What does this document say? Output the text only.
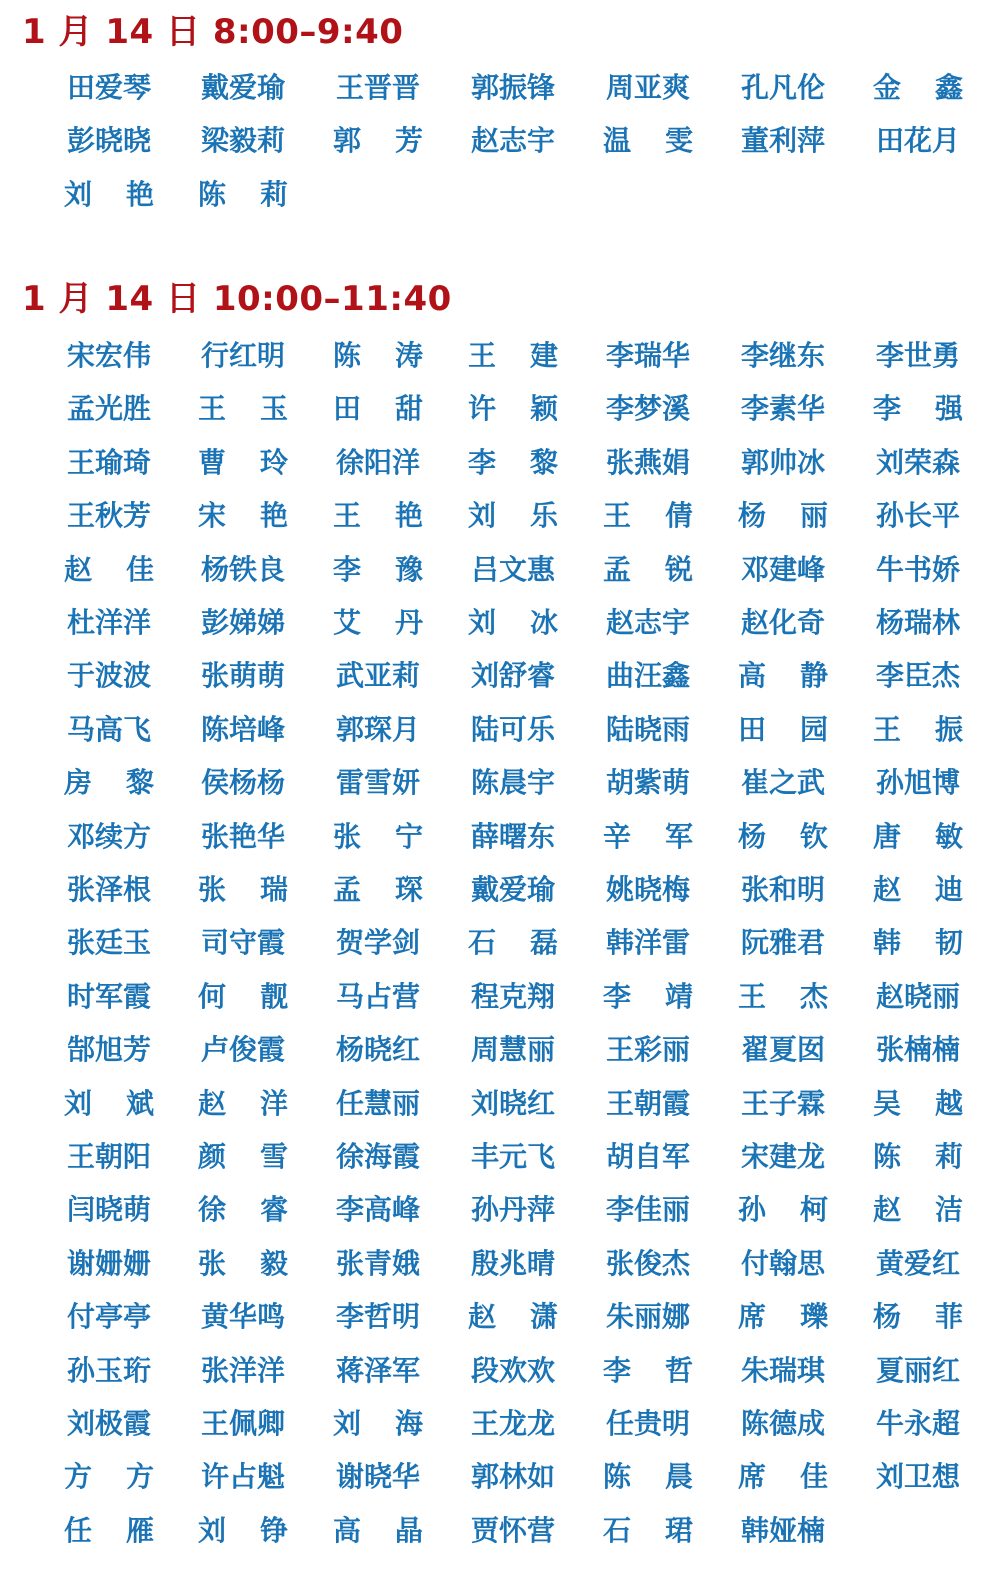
1 月 14 日 8:00–9:40
1 月 14 日 10:00–11:40
田爱琴 戴爱瑜 王晋晋 郭振锋 周亚爽 孔凡伦 金 鑫
彭晓晓 梁毅莉 郭 芳 赵志宇 温 雯 董利萍 田花月
刘 艳 陈 莉
宋宏伟 行红明 陈 涛 王 建 李瑞华 李继东 李世勇
孟光胜 王 玉 田 甜 许 颖 李梦溪 李素华 李 强
王瑜琦 曹 玲 徐阳洋 李 黎 张燕娟 郭帅冰 刘荣森
王秋芳 宋 艳 王 艳 刘 乐 王 倩 杨 丽 孙长平
赵 佳 杨铁良 李 豫 吕文惠 孟 锐 邓建峰 牛书娇
杜洋洋 彭娣娣 艾 丹 刘 冰 赵志宇 赵化奇 杨瑞林
于波波 张萌萌 武亚莉 刘舒睿 曲汪鑫 高 静 李臣杰
马高飞 陈培峰 郭琛月 陆可乐 陆晓雨 田 园 王 振
房 黎 侯杨杨 雷雪妍 陈晨宇 胡紫萌 崔之武 孙旭博
邓续方 张艳华 张 宁 薛曙东 辛 军 杨 钦 唐 敏
张泽根 张 瑞 孟 琛 戴爱瑜 姚晓梅 张和明 赵 迪
张廷玉 司守霞 贺学剑 石 磊 韩洋雷 阮雅君 韩 韧
时军霞 何 靓 马占营 程克翔 李 靖 王 杰 赵晓丽
郜旭芳 卢俊霞 杨晓红 周慧丽 王彩丽 翟夏囡 张楠楠
刘 斌 赵 洋 任慧丽 刘晓红 王朝霞 王子霖 吴 越
王朝阳 颜 雪 徐海霞 丰元飞 胡自军 宋建龙 陈 莉
闫晓萌 徐 睿 李高峰 孙丹萍 李佳丽 孙 柯 赵 洁
谢姗姗 张 毅 张青娥 殷兆晴 张俊杰 付翰思 黄爱红
付亭亭 黄华鸣 李哲明 赵 潇 朱丽娜 席 瓅 杨 菲
孙玉珩 张洋洋 蒋泽军 段欢欢 李 哲 朱瑞琪 夏丽红
刘极霞 王佩卿 刘 海 王龙龙 任贵明 陈德成 牛永超
方 方 许占魁 谢晓华 郭林如 陈 晨 席 佳 刘卫想
任 雁 刘 铮 高 晶 贾怀营 石 珺 韩娅楠
